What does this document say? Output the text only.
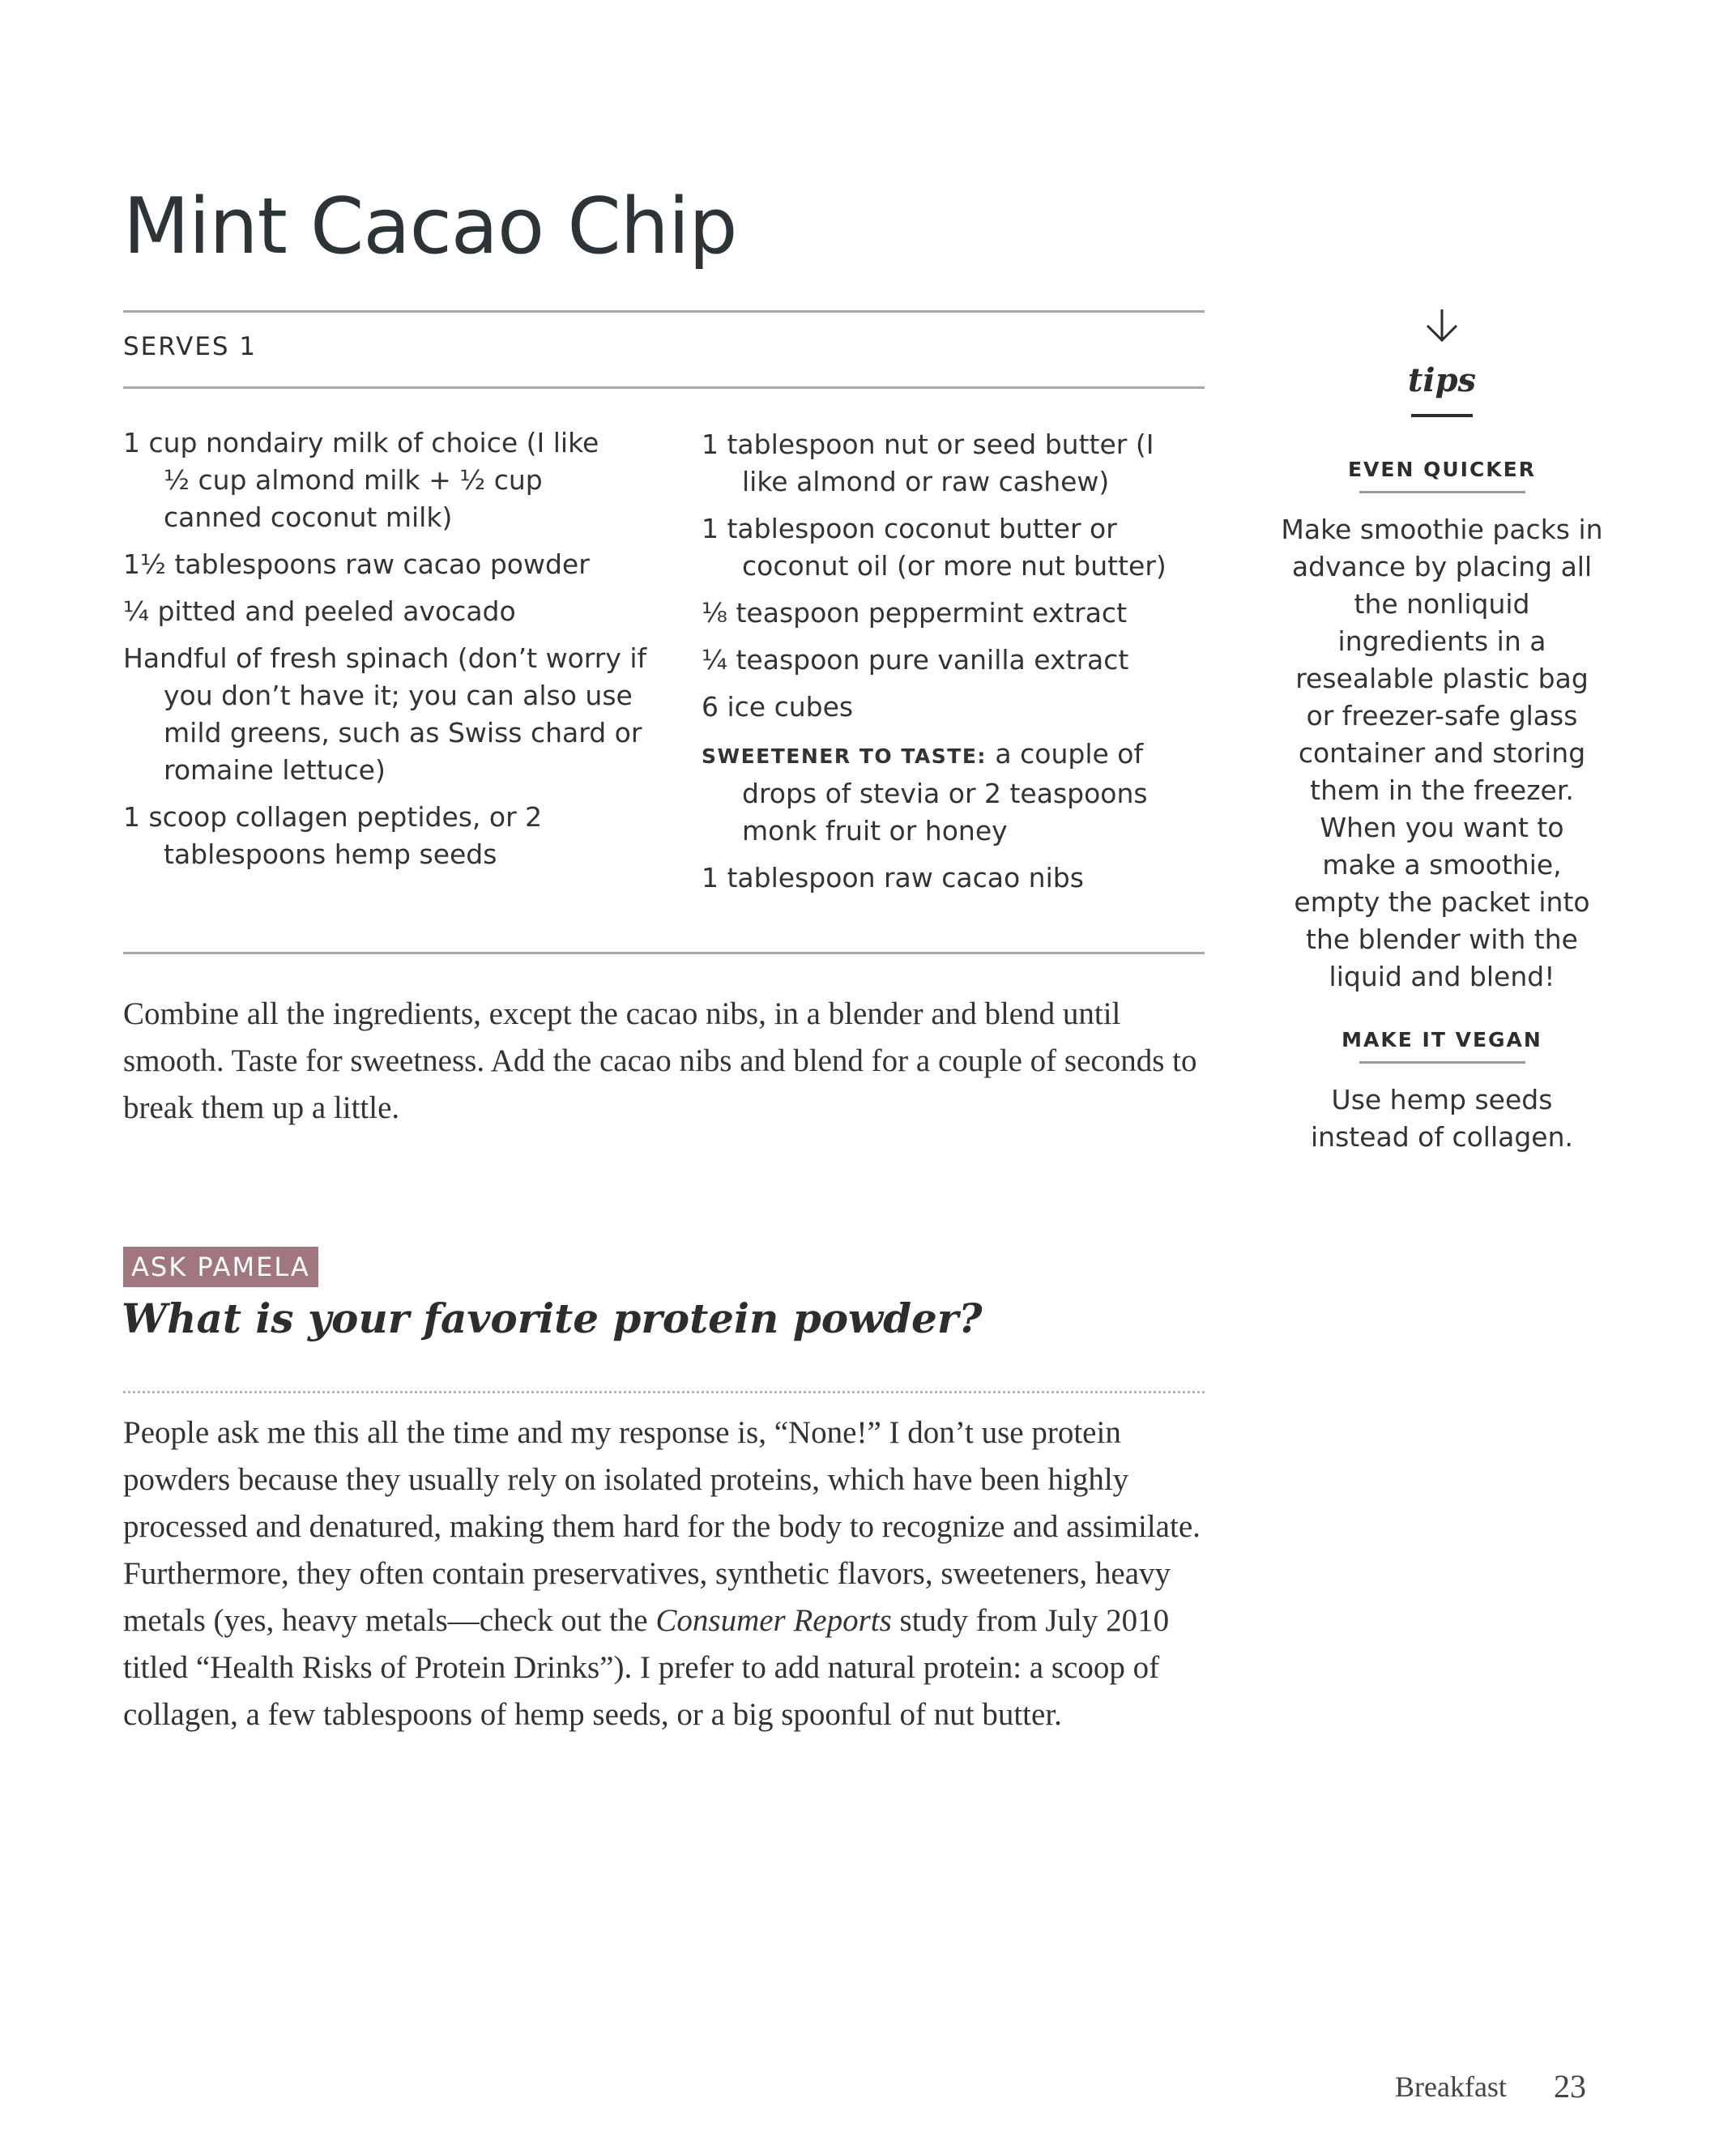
Mint Cacao Chip
SERVES 1
1 cup nondairy milk of choice (I like ½ cup almond milk + ½ cup canned coconut milk)
1½ tablespoons raw cacao powder
¼ pitted and peeled avocado
Handful of fresh spinach (don’t worry if you don’t have it; you can also use mild greens, such as Swiss chard or romaine lettuce)
1 scoop collagen peptides, or 2 tablespoons hemp seeds
1 tablespoon nut or seed butter (I like almond or raw cashew)
1 tablespoon coconut butter or coconut oil (or more nut butter)
⅛ teaspoon peppermint extract
¼ teaspoon pure vanilla extract
6 ice cubes
SWEETENER TO TASTE: a couple of drops of stevia or 2 teaspoons monk fruit or honey
1 tablespoon raw cacao nibs

Combine all the ingredients, except the cacao nibs, in a blender and blend until smooth. Taste for sweetness. Add the cacao nibs and blend for a couple of seconds to break them up a little.

ASK PAMELA
What is your favorite protein powder?

People ask me this all the time and my response is, “None!” I don’t use protein powders because they usually rely on isolated proteins, which have been highly processed and denatured, making them hard for the body to recognize and assimilate. Furthermore, they often contain preservatives, synthetic flavors, sweeteners, heavy metals (yes, heavy metals—check out the Consumer Reports study from July 2010 titled “Health Risks of Protein Drinks”). I prefer to add natural protein: a scoop of collagen, a few tablespoons of hemp seeds, or a big spoonful of nut butter.

tips
EVEN QUICKER
Make smoothie packs in advance by placing all the nonliquid ingredients in a resealable plastic bag or freezer-safe glass container and storing them in the freezer. When you want to make a smoothie, empty the packet into the blender with the liquid and blend!
MAKE IT VEGAN
Use hemp seeds instead of collagen.
Breakfast 23
